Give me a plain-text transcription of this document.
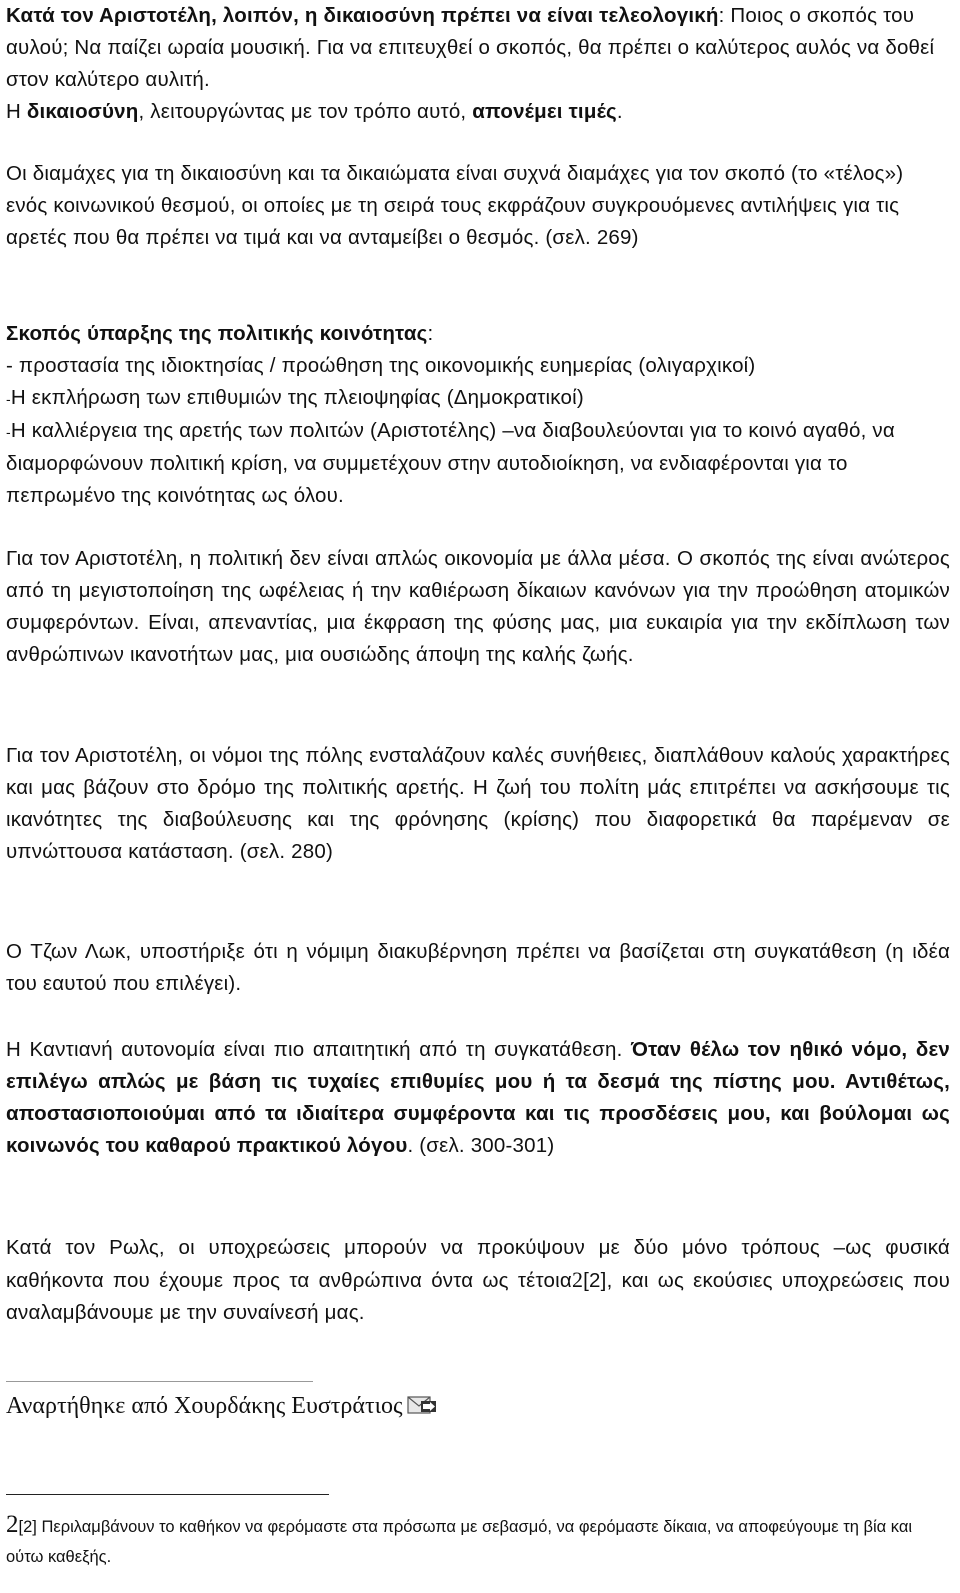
Κατά τον Αριστοτέλη, λοιπόν, η δικαιοσύνη πρέπει να είναι τελεολογική: Ποιος ο σκοπός του αυλού; Να παίζει ωραία μουσική. Για να επιτευχθεί ο σκοπός, θα πρέπει ο καλύτερος αυλός να δοθεί στον καλύτερο αυλιτή.

Η δικαιοσύνη, λειτουργώντας με τον τρόπο αυτό, απονέμει τιμές.

Οι διαμάχες για τη δικαιοσύνη και τα δικαιώματα είναι συχνά διαμάχες για τον σκοπό (το «τέλος») ενός κοινωνικού θεσμού, οι οποίες με τη σειρά τους εκφράζουν συγκρουόμενες αντιλήψεις για τις αρετές που θα πρέπει να τιμά και να ανταμείβει ο θεσμός. (σελ. 269)

Σκοπός ύπαρξης της πολιτικής κοινότητας:

- προστασία της ιδιοκτησίας / προώθηση της οικονομικής ευημερίας (ολιγαρχικοί)

-Η εκπλήρωση των επιθυμιών της πλειοψηφίας (Δημοκρατικοί)

-Η καλλιέργεια της αρετής των πολιτών (Αριστοτέλης) –να διαβουλεύονται για το κοινό αγαθό, να διαμορφώνουν πολιτική κρίση, να συμμετέχουν στην αυτοδιοίκηση, να ενδιαφέρονται για το πεπρωμένο της κοινότητας ως όλου.

Για τον Αριστοτέλη, η πολιτική δεν είναι απλώς οικονομία με άλλα μέσα. Ο σκοπός της είναι ανώτερος από τη μεγιστοποίηση της ωφέλειας ή την καθιέρωση δίκαιων κανόνων για την προώθηση ατομικών συμφερόντων. Είναι, απεναντίας, μια έκφραση της φύσης μας, μια ευκαιρία για την εκδίπλωση των ανθρώπινων ικανοτήτων μας, μια ουσιώδης άποψη της καλής ζωής.

Για τον Αριστοτέλη, οι νόμοι της πόλης ενσταλάζουν καλές συνήθειες, διαπλάθουν καλούς χαρακτήρες και μας βάζουν στο δρόμο της πολιτικής αρετής. Η ζωή του πολίτη μάς επιτρέπει να ασκήσουμε τις ικανότητες της διαβούλευσης και της φρόνησης (κρίσης) που διαφορετικά θα παρέμεναν σε υπνώττουσα κατάσταση. (σελ. 280)

Ο Τζων Λωκ, υποστήριξε ότι η νόμιμη διακυβέρνηση πρέπει να βασίζεται στη συγκατάθεση (η ιδέα του εαυτού που επιλέγει).

Η Καντιανή αυτονομία είναι πιο απαιτητική από τη συγκατάθεση. Όταν θέλω τον ηθικό νόμο, δεν επιλέγω απλώς με βάση τις τυχαίες επιθυμίες μου ή τα δεσμά της πίστης μου. Αντιθέτως, αποστασιοποιούμαι από τα ιδιαίτερα συμφέροντα και τις προσδέσεις μου, και βούλομαι ως κοινωνός του καθαρού πρακτικού λόγου. (σελ. 300-301)

Κατά τον Ρωλς, οι υποχρεώσεις μπορούν να προκύψουν με δύο μόνο τρόπους –ως φυσικά καθήκοντα που έχουμε προς τα ανθρώπινα όντα ως τέτοια2[2], και ως εκούσιες υποχρεώσεις που αναλαμβάνουμε με την συναίνεσή μας.

Αναρτήθηκε από Χουρδάκης Ευστράτιος
2[2] Περιλαμβάνουν το καθήκον να φερόμαστε στα πρόσωπα με σεβασμό, να φερόμαστε δίκαια, να αποφεύγουμε τη βία και ούτω καθεξής.
